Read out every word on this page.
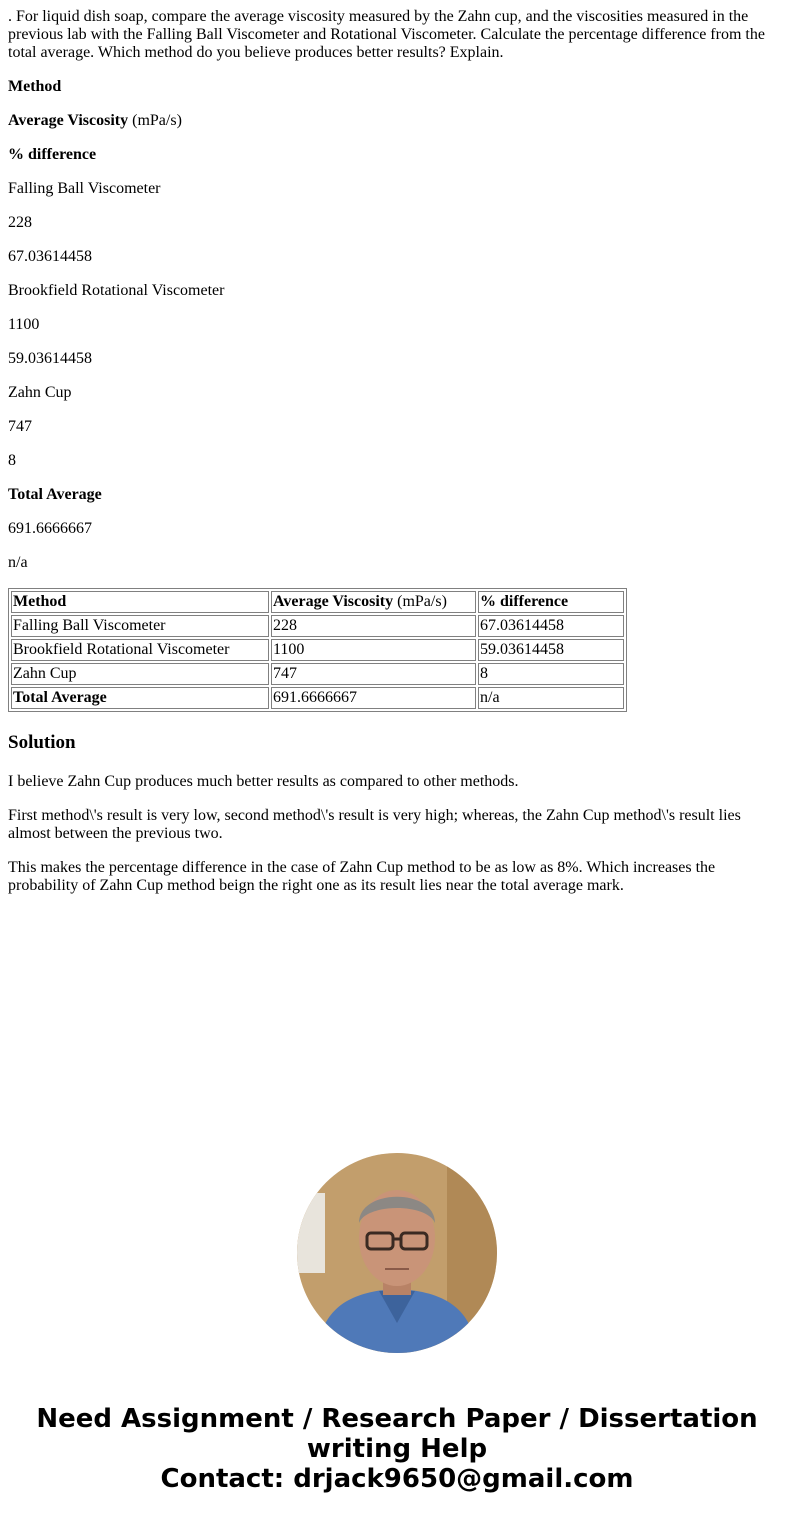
. For liquid dish soap, compare the average viscosity measured by the Zahn cup, and the viscosities measured in the previous lab with the Falling Ball Viscometer and Rotational Viscometer. Calculate the percentage difference from the total average. Which method do you believe produces better results? Explain.

Method

Average Viscosity (mPa/s)

% difference

Falling Ball Viscometer

228

67.03614458

Brookfield Rotational Viscometer

1100

59.03614458

Zahn Cup

747

8

Total Average

691.6666667

n/a

Method	Average Viscosity (mPa/s)	% difference
Falling Ball Viscometer	228	67.03614458
Brookfield Rotational Viscometer	1100	59.03614458
Zahn Cup	747	8
Total Average	691.6666667	n/a
Solution

I believe Zahn Cup produces much better results as compared to other methods.

First method\'s result is very low, second method\'s result is very high; whereas, the Zahn Cup method\'s result lies almost between the previous two.

This makes the percentage difference in the case of Zahn Cup method to be as low as 8%. Which increases the probability of Zahn Cup method beign the right one as its result lies near the total average mark.

Need Assignment / Research Paper / Dissertation
writing Help
Contact: drjack9650@gmail.com
